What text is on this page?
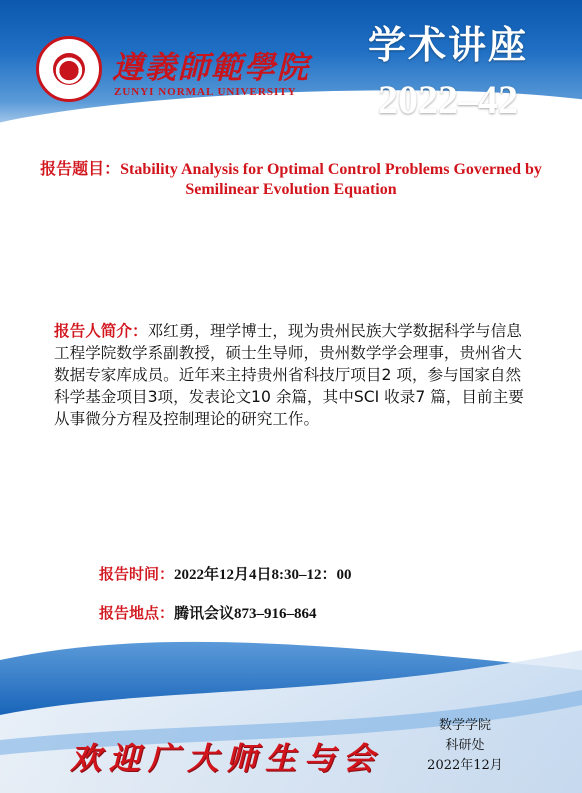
遵義師範學院
ZUNYI NORMAL UNIVERSITY
学术讲座
2022–42
报告题目：Stability Analysis for Optimal Control Problems Governed by Semilinear Evolution Equation
报告人简介：邓红勇，理学博士，现为贵州民族大学数据科学与信息工程学院数学系副教授，硕士生导师，贵州数学学会理事，贵州省大数据专家库成员。近年来主持贵州省科技厅项目2 项，参与国家自然科学基金项目3项，发表论文10 余篇，其中SCI 收录7 篇，目前主要从事微分方程及控制理论的研究工作。
报告时间：2022年12月4日8:30–12：00
报告地点：腾讯会议873–916–864
欢迎广大师生与会
数学学院
科研处
2022年12月
